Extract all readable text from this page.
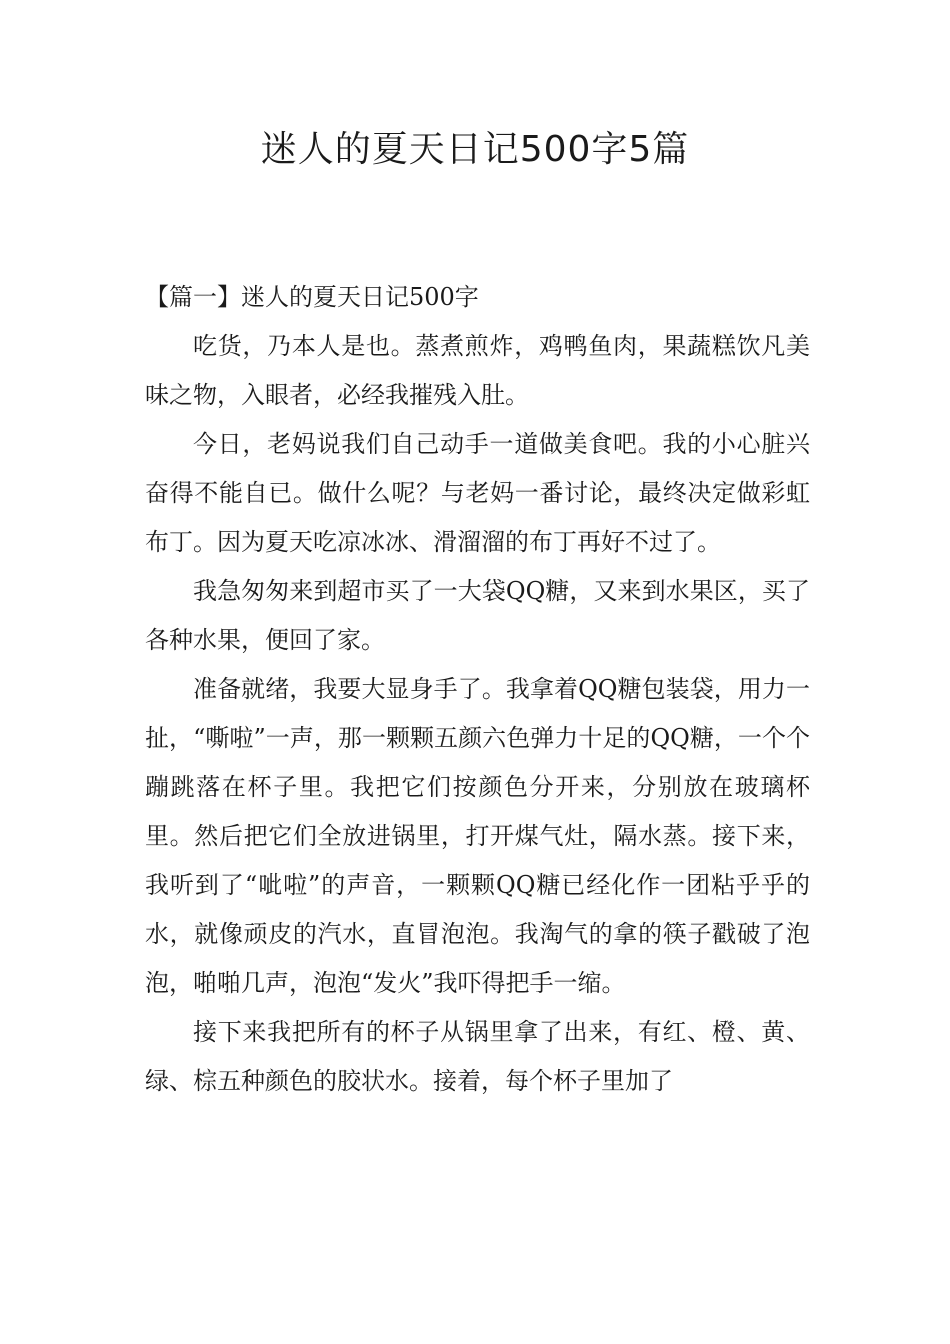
迷人的夏天日记500字5篇
【篇一】迷人的夏天日记500字

吃货，乃本人是也。蒸煮煎炸，鸡鸭鱼肉，果蔬糕饮凡美味之物，入眼者，必经我摧残入肚。

今日，老妈说我们自己动手一道做美食吧。我的小心脏兴奋得不能自已。做什么呢？与老妈一番讨论，最终决定做彩虹布丁。因为夏天吃凉冰冰、滑溜溜的布丁再好不过了。

我急匆匆来到超市买了一大袋QQ糖，又来到水果区，买了各种水果，便回了家。

准备就绪，我要大显身手了。我拿着QQ糖包装袋，用力一扯，“嘶啦”一声，那一颗颗五颜六色弹力十足的QQ糖，一个个蹦跳落在杯子里。我把它们按颜色分开来，分别放在玻璃杯里。然后把它们全放进锅里，打开煤气灶，隔水蒸。接下来，我听到了“呲啦”的声音，一颗颗QQ糖已经化作一团粘乎乎的水，就像顽皮的汽水，直冒泡泡。我淘气的拿的筷子戳破了泡泡，啪啪几声，泡泡“发火”我吓得把手一缩。

接下来我把所有的杯子从锅里拿了出来，有红、橙、黄、绿、棕五种颜色的胶状水。接着，每个杯子里加了
